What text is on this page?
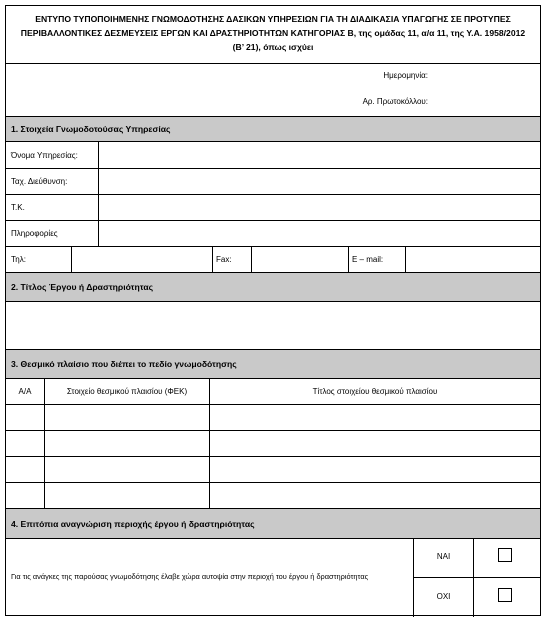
ΕΝΤΥΠΟ ΤΥΠΟΠΟΙΗΜΕΝΗΣ ΓΝΩΜΟΔΟΤΗΣΗΣ ΔΑΣΙΚΩΝ ΥΠΗΡΕΣΙΩΝ ΓΙΑ ΤΗ ΔΙΑΔΙΚΑΣΙΑ ΥΠΑΓΩΓΗΣ ΣΕ ΠΡΟΤΥΠΕΣ
ΠΕΡΙΒΑΛΛΟΝΤΙΚΕΣ ΔΕΣΜΕΥΣΕΙΣ ΕΡΓΩΝ ΚΑΙ ΔΡΑΣΤΗΡΙΟΤΗΤΩΝ ΚΑΤΗΓΟΡΙΑΣ Β, της ομάδας 11, α/α 11, της Υ.Α. 1958/2012
(Β’ 21), όπως ισχύει
Ημερομηνία:
Αρ. Πρωτοκόλλου:
1. Στοιχεία Γνωμοδοτούσας Υπηρεσίας
Όνομα Υπηρεσίας:
Ταχ. Διεύθυνση:
Τ.Κ.
Πληροφορίες
Τηλ:	Fax:	E – mail:
2. Τίτλος Έργου ή Δραστηριότητας
3. Θεσμικό πλαίσιο που διέπει το πεδίο γνωμοδότησης
Α/Α	Στοιχείο θεσμικού πλαισίου (ΦΕΚ)	Τίτλος στοιχείου θεσμικού πλαισίου
4. Επιτόπια αναγνώριση περιοχής έργου ή δραστηριότητας
Για τις ανάγκες της παρούσας γνωμοδότησης έλαβε χώρα αυτοψία στην περιοχή του έργου ή δραστηριότητας
ΝΑΙ
ΟΧΙ
